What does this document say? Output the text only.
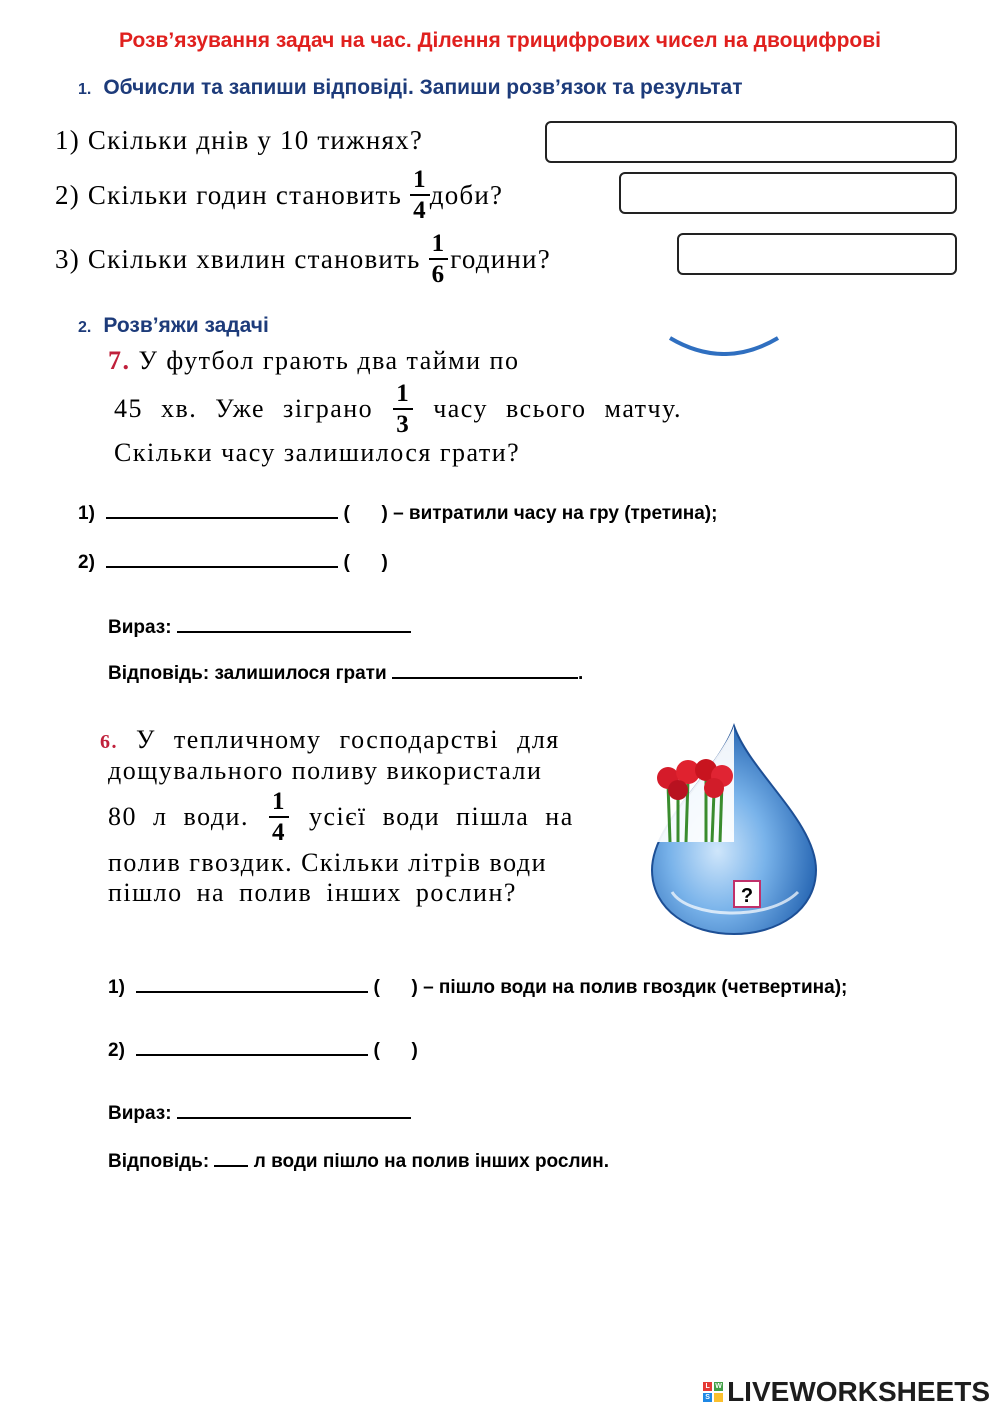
Розв’язування задач на час. Ділення трицифрових чисел на двоцифрові
1. Обчисли та запиши відповіді. Запиши розв’язок та результат
1) Скільки днів у 10 тижнях?
2)
Скільки годин становить $\frac{1}{4}$ доби?
3)
Скільки хвилин становить $\frac{1}{6}$ години?
2. Розв’яжи задачі
7. У футбол грають два тайми по
45 хв. Уже зіграно $\frac{1}{3}$ часу всього матчу.
Скільки часу залишилося грати?
1)	(      ) – витратили часу на гру (третина);
2)	(      )
Вираз:
Відповідь: залишилося грати	.
6. У тепличному господарстві для
дощувального поливу використали
80 л води. $\frac{1}{4}$ усієї води пішла на
полив гвоздик. Скільки літрів води
пішло на полив інших рослин?	?
1)	(      ) – пішло води на полив гвоздик (четвертина);
2)	(      )
Вираз:
Відповідь: л води пішло на полив інших рослин.
L W
S LIVEWORKSHEETS
